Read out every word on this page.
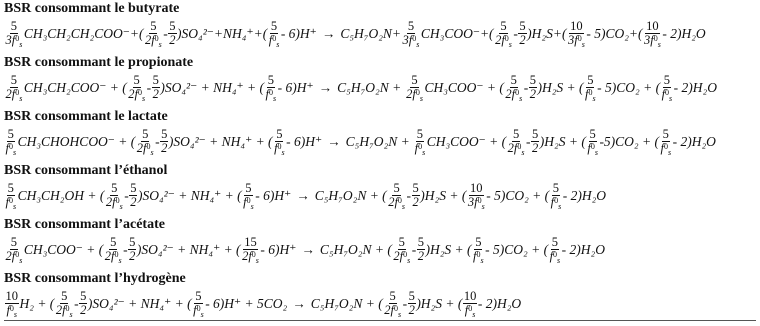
BSR consommant le butyrate
$\frac{5}{3f^0_s} CH_3CH_2CH_2COO^-+( \frac{5}{2f^0_s} - \frac{5}{2} )SO_4^{2-}+NH_4^++( \frac{5}{f^0_s} - 6)H^+ \to C_5H_7O_2N+ \frac{5}{3f^0_s} CH_3COO^-+( \frac{5}{2f^0_s} - \frac{5}{2} )H_2S+( \frac{10}{3f^0_s} - 5)CO_2+( \frac{10}{3f^0_s} - 2)H_2O$
BSR consommant le propionate
$\frac{5}{2f^0_s} CH_3CH_2COO^-$ + ( $\frac{5}{2f^0_s} - \frac{5}{2} )SO_4^{2-} + NH_4^+$ + ( $\frac{5}{f^0_s} - 6)H^+ \to C_5H_7O_2N + \frac{5}{2f^0_s} CH_3COO^-$ + ( $\frac{5}{2f^0_s} - \frac{5}{2} )H_2S$ + ( $\frac{5}{f^0_s} - 5)CO_2$ + ( $\frac{5}{f^0_s} - 2)H_2O$
BSR consommant le lactate
$\frac{5}{f^0_s}$ CH₃CHOHCOO⁻ + ( $\frac{5}{2f^0_s} - \frac{5}{2} )SO_4^{2-} + NH_4^+$ + ( $\frac{5}{f^0_s} - 6)H^+ \to C_5H_7O_2N + \frac{5}{f^0_s} CH_3COO^-$ + ( $\frac{5}{2f^0_s} - \frac{5}{2} )H_2S$ + ( $\frac{5}{f^0_s} -5)CO_2$ + ( $\frac{5}{f^0_s} - 2)H_2O$
BSR consommant l’éthanol
$\frac{5}{f^0_s} CH_3CH_2OH$ + ( $\frac{5}{2f^0_s} - \frac{5}{2} )SO_4^{2-} + NH_4^+$ + ( $\frac{5}{f^0_s} - 6)H^+ \to C_5H_7O_2N$ + ( $\frac{5}{2f^0_s} - \frac{5}{2} )H_2S$ + ( $\frac{10}{3f^0_s} - 5)CO_2$ + ( $\frac{5}{f^0_s} - 2)H_2O$
BSR consommant l’acétate
$\frac{5}{2f^0_s} CH_3COO^-$ + ( $\frac{5}{2f^0_s} - \frac{5}{2} )SO_4^{2-} + NH_4^+$ + ( $\frac{15}{2f^0_s} - 6)H^+ \to C_5H_7O_2N$ + ( $\frac{5}{2f^0_s} - \frac{5}{2} )H_2S$ + ( $\frac{5}{f^0_s} - 5)CO_2$ + ( $\frac{5}{f^0_s} - 2)H_2O$
BSR consommant l’hydrogène
$\frac{10}{f^0_s} H_2$ + ( $\frac{5}{2f^0_s} - \frac{5}{2} )SO_4^{2-} + NH_4^+$ + ( $\frac{5}{f^0_s} - 6)H^+ + 5CO_2 \to C_5H_7O_2N$ + ( $\frac{5}{2f^0_s} - \frac{5}{2} )H_2S$ + ( $\frac{10}{f^0_s} - 2)H_2O$
